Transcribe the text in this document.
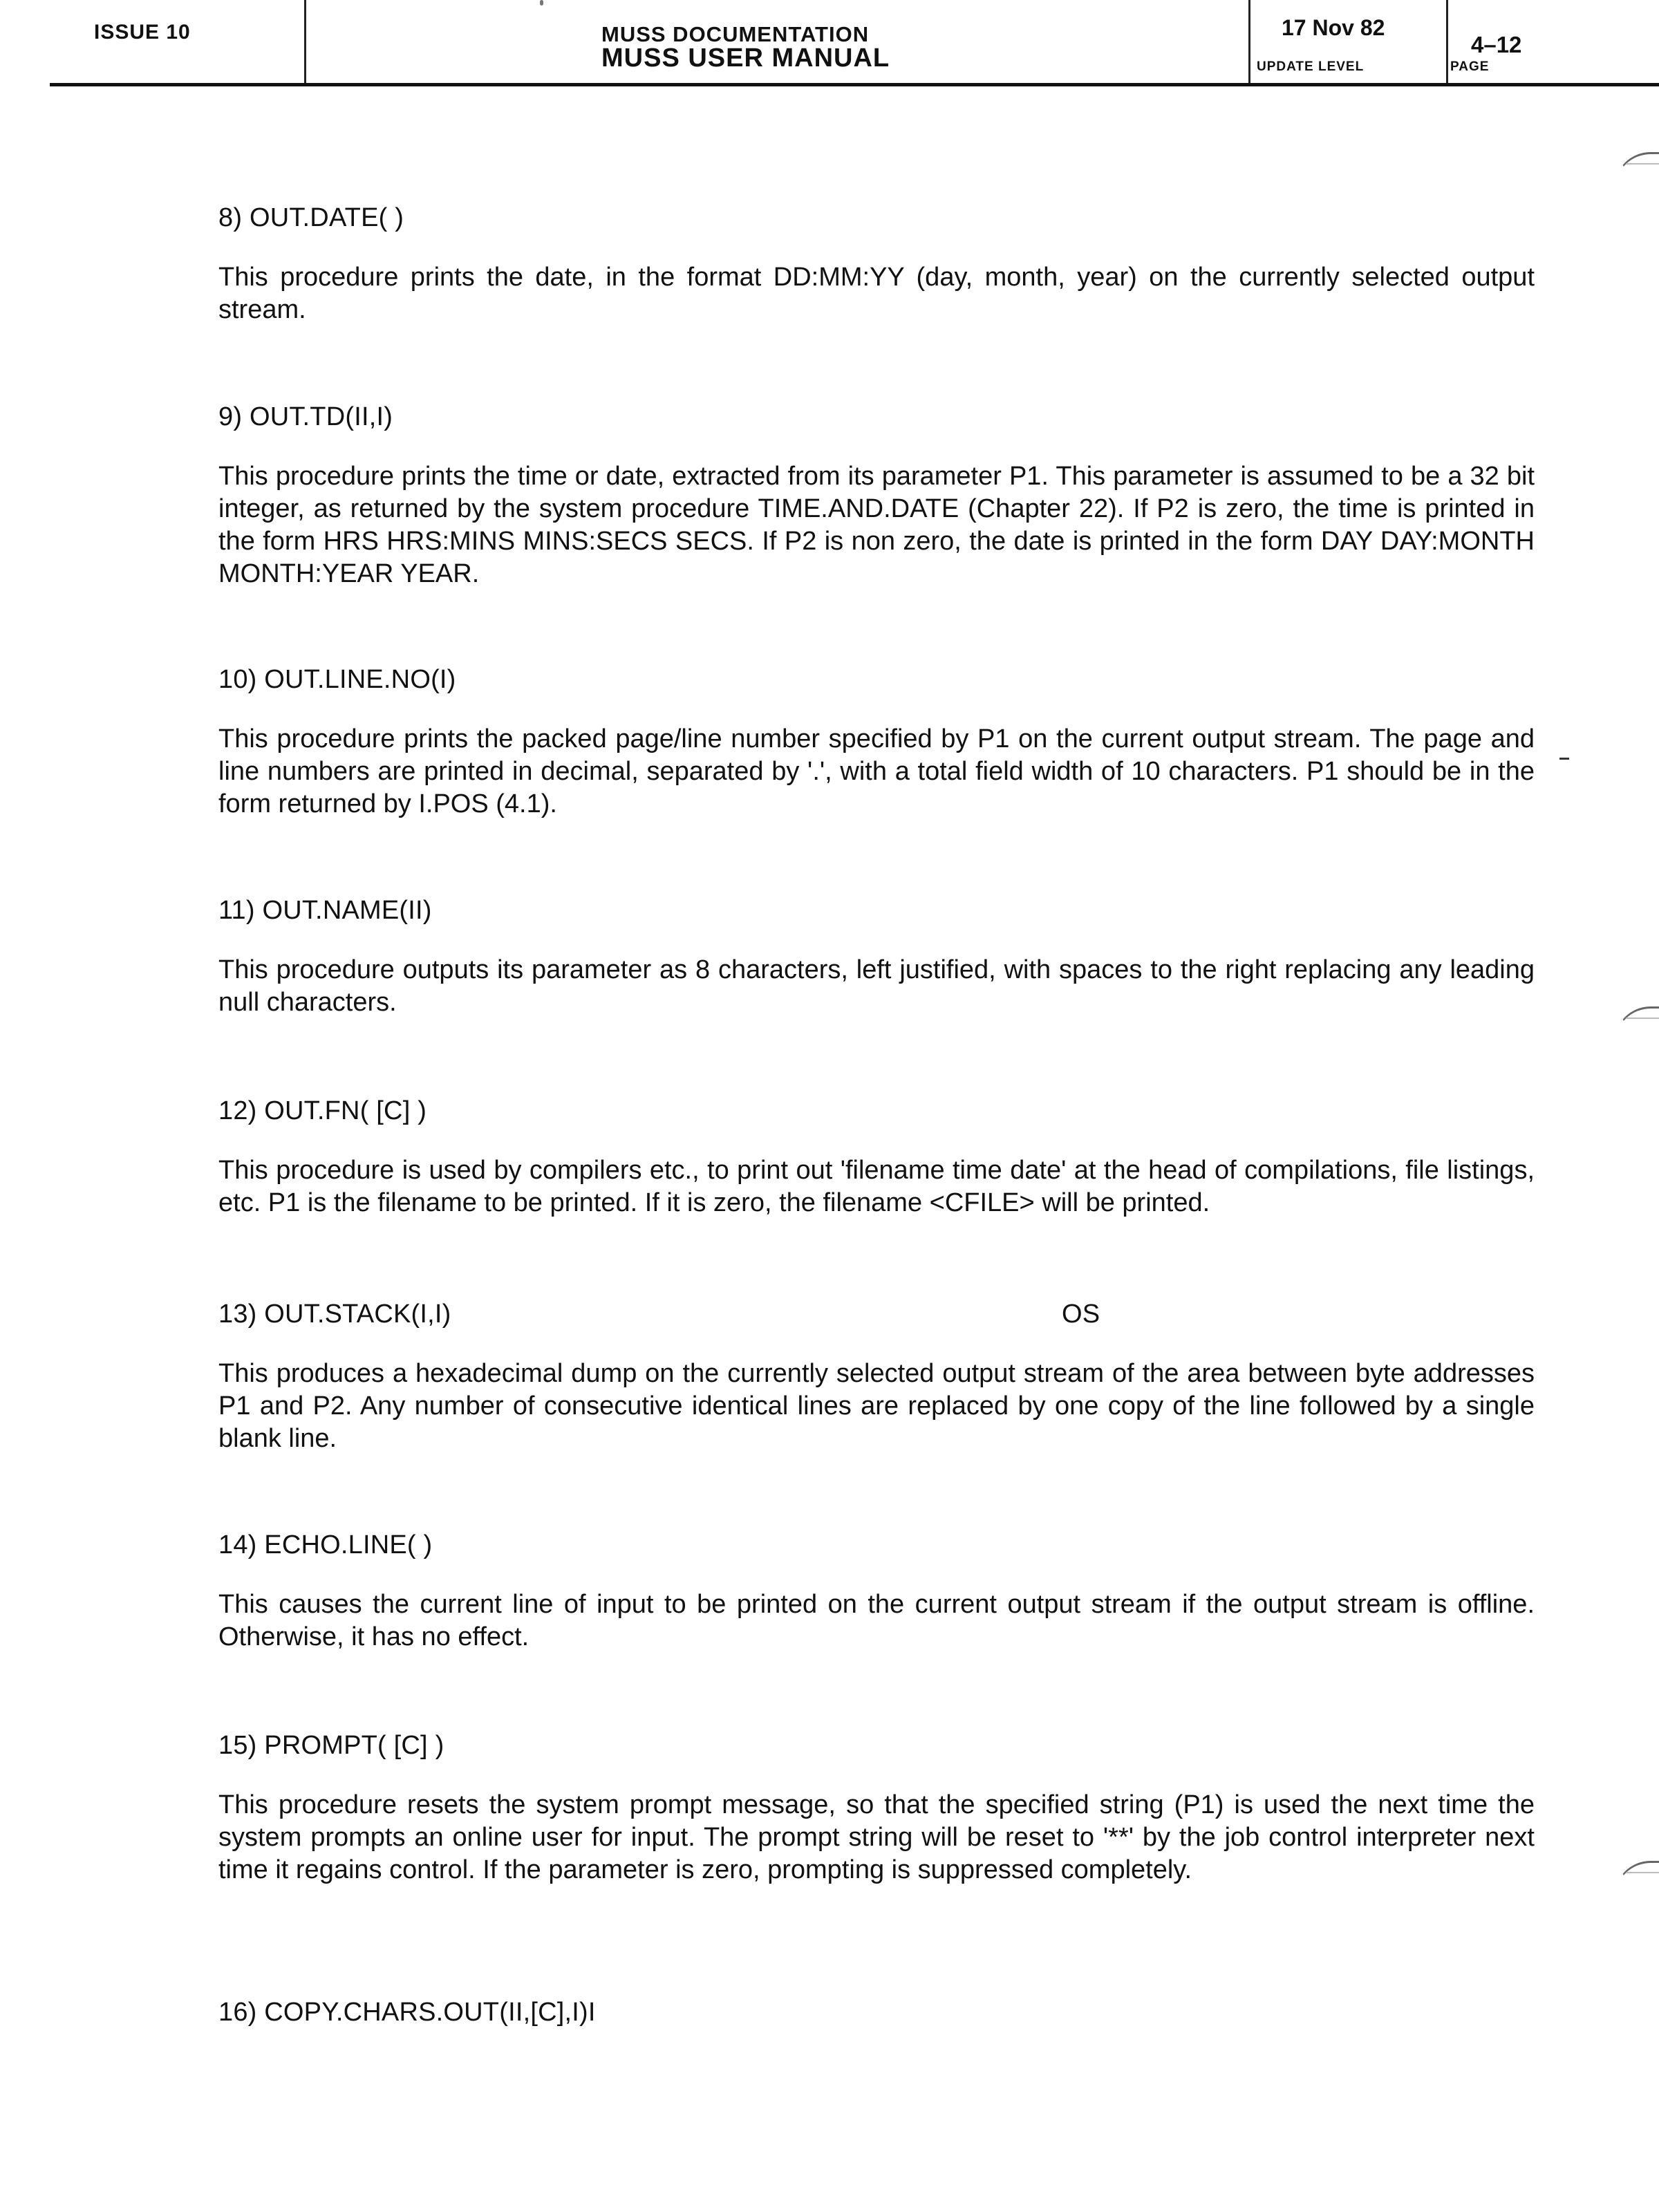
ISSUE 10	MUSS DOCUMENTATION
MUSS USER MANUAL
17 Nov 82
UPDATE LEVEL
4–12
PAGE
8) OUT.DATE( )
This procedure prints the date, in the format DD:MM:YY (day, month, year) on the currently selected output stream.
9) OUT.TD(II,I)
This procedure prints the time or date, extracted from its parameter P1. This parameter is assumed to be a 32 bit integer, as returned by the system procedure TIME.AND.DATE (Chapter 22). If P2 is zero, the time is printed in the form HRS HRS:MINS MINS:SECS SECS. If P2 is non zero, the date is printed in the form DAY DAY:MONTH MONTH:YEAR YEAR.
10) OUT.LINE.NO(I)
This procedure prints the packed page/line number specified by P1 on the current output stream. The page and line numbers are printed in decimal, separated by '.', with a total field width of 10 characters. P1 should be in the form returned by I.POS (4.1).
11) OUT.NAME(II)
This procedure outputs its parameter as 8 characters, left justified, with spaces to the right replacing any leading null characters.
12) OUT.FN( [C] )
This procedure is used by compilers etc., to print out 'filename time date' at the head of compilations, file listings, etc. P1 is the filename to be printed. If it is zero, the filename <CFILE> will be printed.
13) OUT.STACK(I,I)	OS
This produces a hexadecimal dump on the currently selected output stream of the area between byte addresses P1 and P2. Any number of consecutive identical lines are replaced by one copy of the line followed by a single blank line.
14) ECHO.LINE( )
This causes the current line of input to be printed on the current output stream if the output stream is offline. Otherwise, it has no effect.
15) PROMPT( [C] )
This procedure resets the system prompt message, so that the specified string (P1) is used the next time the system prompts an online user for input. The prompt string will be reset to '**' by the job control interpreter next time it regains control. If the parameter is zero, prompting is suppressed completely.
16) COPY.CHARS.OUT(II,[C],I)I
